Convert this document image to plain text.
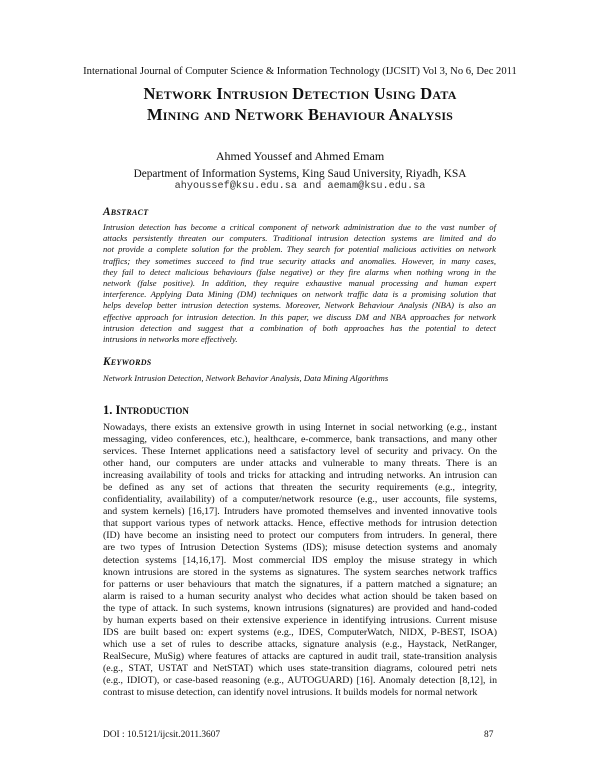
International Journal of Computer Science & Information Technology (IJCSIT) Vol 3, No 6, Dec 2011
Network Intrusion Detection Using Data
Mining and Network Behaviour Analysis
Ahmed Youssef and Ahmed Emam
Department of Information Systems, King Saud University, Riyadh, KSA
ahyoussef@ksu.edu.sa and aemam@ksu.edu.sa
Abstract
Intrusion detection has become a critical component of network administration due to the vast number of
attacks persistently threaten our computers. Traditional intrusion detection systems are limited and do
not provide a complete solution for the problem. They search for potential malicious activities on network
traffics; they sometimes succeed to find true security attacks and anomalies. However, in many cases,
they fail to detect malicious behaviours (false negative) or they fire alarms when nothing wrong in the
network (false positive). In addition, they require exhaustive manual processing and human expert
interference. Applying Data Mining (DM) techniques on network traffic data is a promising solution that
helps develop better intrusion detection systems. Moreover, Network Behaviour Analysis (NBA) is also an
effective approach for intrusion detection. In this paper, we discuss DM and NBA approaches for network
intrusion detection and suggest that a combination of both approaches has the potential to detect
intrusions in networks more effectively.
Keywords
Network Intrusion Detection, Network Behavior Analysis, Data Mining Algorithms
1. Introduction
Nowadays, there exists an extensive growth in using Internet in social networking (e.g., instant
messaging, video conferences, etc.), healthcare, e-commerce, bank transactions, and many other
services. These Internet applications need a satisfactory level of security and privacy. On the
other hand, our computers are under attacks and vulnerable to many threats. There is an
increasing availability of tools and tricks for attacking and intruding networks. An intrusion can
be defined as any set of actions that threaten the security requirements (e.g., integrity,
confidentiality, availability) of a computer/network resource (e.g., user accounts, file systems,
and system kernels) [16,17]. Intruders have promoted themselves and invented innovative tools
that support various types of network attacks. Hence, effective methods for intrusion detection
(ID) have become an insisting need to protect our computers from intruders. In general, there
are two types of Intrusion Detection Systems (IDS); misuse detection systems and anomaly
detection systems [14,16,17]. Most commercial IDS employ the misuse strategy in which
known intrusions are stored in the systems as signatures. The system searches network traffics
for patterns or user behaviours that match the signatures, if a pattern matched a signature; an
alarm is raised to a human security analyst who decides what action should be taken based on
the type of attack. In such systems, known intrusions (signatures) are provided and hand-coded
by human experts based on their extensive experience in identifying intrusions. Current misuse
IDS are built based on: expert systems (e.g., IDES, ComputerWatch, NIDX, P-BEST, ISOA)
which use a set of rules to describe attacks, signature analysis (e.g., Haystack, NetRanger,
RealSecure, MuSig) where features of attacks are captured in audit trail, state-transition analysis
(e.g., STAT, USTAT and NetSTAT) which uses state-transition diagrams, coloured petri nets
(e.g., IDIOT), or case-based reasoning (e.g., AUTOGUARD) [16]. Anomaly detection [8,12], in
contrast to misuse detection, can identify novel intrusions. It builds models for normal network
DOI : 10.5121/ijcsit.2011.3607	87
